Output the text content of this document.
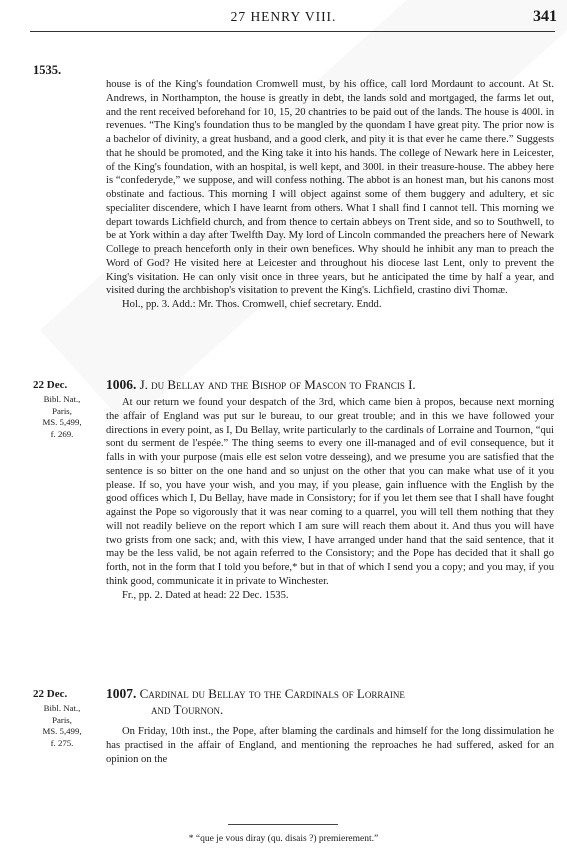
27 HENRY VIII.	341
1535.

house is of the King's foundation Cromwell must, by his office, call lord Mordaunt to account. At St. Andrews, in Northampton, the house is greatly in debt, the lands sold and mortgaged, the farms let out, and the rent received beforehand for 10, 15, 20 chantries to be paid out of the lands. The house is 400l. in revenues. “The King's foundation thus to be mangled by the quondam I have great pity. The prior now is a bachelor of divinity, a great husband, and a good clerk, and pity it is that ever he came there.” Suggests that he should be promoted, and the King take it into his hands. The college of Newark here in Leicester, of the King's foundation, with an hospital, is well kept, and 300l. in their treasure-house. The abbey here is “confederyde,” we suppose, and will confess nothing. The abbot is an honest man, but his canons most obstinate and factious. This morning I will object against some of them buggery and adultery, et sic specialiter discendere, which I have learnt from others. What I shall find I cannot tell. This morning we depart towards Lichfield church, and from thence to certain abbeys on Trent side, and so to Southwell, to be at York within a day after Twelfth Day. My lord of Lincoln commanded the preachers here of Newark College to preach henceforth only in their own benefices. Why should he inhibit any man to preach the Word of God? He visited here at Leicester and throughout his diocese last Lent, only to prevent the King's visitation. He can only visit once in three years, but he anticipated the time by half a year, and visited during the archbishop's visitation to prevent the King's. Lichfield, crastino divi Thomæ.

Hol., pp. 3. Add.: Mr. Thos. Cromwell, chief secretary. Endd.

22 Dec.
Bibl. Nat.,
Paris,
MS. 5,499,
f. 269.
1006. J. du Bellay and the Bishop of Mascon to Francis I.

At our return we found your despatch of the 3rd, which came bien à propos, because next morning the affair of England was put sur le bureau, to our great trouble; and in this we have followed your directions in every point, as I, Du Bellay, write particularly to the cardinals of Lorraine and Tournon, “qui sont du serment de l'espée.” The thing seems to every one ill-managed and of evil consequence, but it falls in with your purpose (mais elle est selon votre desseing), and we presume you are satisfied that the sentence is so bitter on the one hand and so unjust on the other that you can make what use of it you please. If so, you have your wish, and you may, if you please, gain influence with the English by the good offices which I, Du Bellay, have made in Consistory; for if you let them see that I shall have fought against the Pope so vigorously that it was near coming to a quarrel, you will tell them nothing that they will not readily believe on the report which I am sure will reach them about it. And thus you will have two grists from one sack; and, with this view, I have arranged under hand that the said sentence, that it may be the less valid, be not again referred to the Consistory; and the Pope has decided that it shall go forth, not in the form that I told you before,* but in that of which I send you a copy; and you may, if you think good, communicate it in private to Winchester.

Fr., pp. 2. Dated at head: 22 Dec. 1535.

22 Dec.
Bibl. Nat.,
Paris,
MS. 5,499,
f. 275.
1007. Cardinal du Bellay to the Cardinals of Lorraine
and Tournon.

On Friday, 10th inst., the Pope, after blaming the cardinals and himself for the long dissimulation he has practised in the affair of England, and mentioning the reproaches he had suffered, asked for an opinion on the

* “que je vous diray (qu. disais ?) premierement.”
